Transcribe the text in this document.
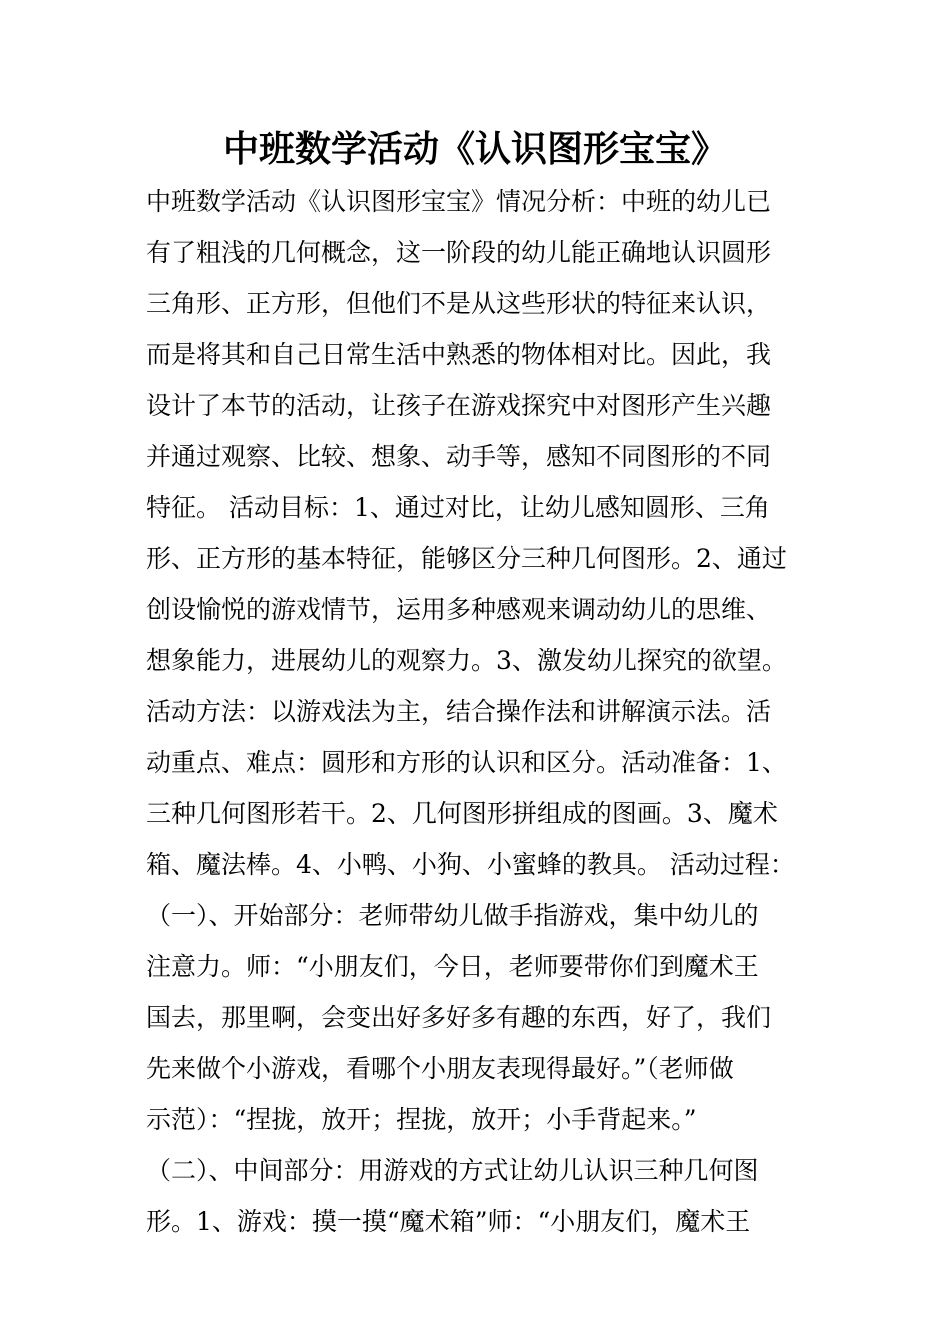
中班数学活动《认识图形宝宝》
中班数学活动《认识图形宝宝》情况分析：中班的幼儿已
有了粗浅的几何概念，这一阶段的幼儿能正确地认识圆形
三角形、正方形，但他们不是从这些形状的特征来认识，
而是将其和自己日常生活中熟悉的物体相对比。因此，我
设计了本节的活动，让孩子在游戏探究中对图形产生兴趣
并通过观察、比较、想象、动手等，感知不同图形的不同
特征。 活动目标：1、通过对比，让幼儿感知圆形、三角
形、正方形的基本特征，能够区分三种几何图形。2、通过
创设愉悦的游戏情节，运用多种感观来调动幼儿的思维、
想象能力，进展幼儿的观察力。3、激发幼儿探究的欲望。
活动方法：以游戏法为主，结合操作法和讲解演示法。活
动重点、难点：圆形和方形的认识和区分。活动准备：1、
三种几何图形若干。2、几何图形拼组成的图画。3、魔术
箱、魔法棒。4、小鸭、小狗、小蜜蜂的教具。 活动过程：
（一）、开始部分：老师带幼儿做手指游戏，集中幼儿的
注意力。师：“小朋友们，今日，老师要带你们到魔术王
国去，那里啊，会变出好多好多有趣的东西，好了，我们
先来做个小游戏，看哪个小朋友表现得最好。”（老师做
示范）：“捏拢，放开；捏拢，放开；小手背起来。”
（二）、中间部分：用游戏的方式让幼儿认识三种几何图
形。1、游戏：摸一摸“魔术箱”师：“小朋友们，魔术王
